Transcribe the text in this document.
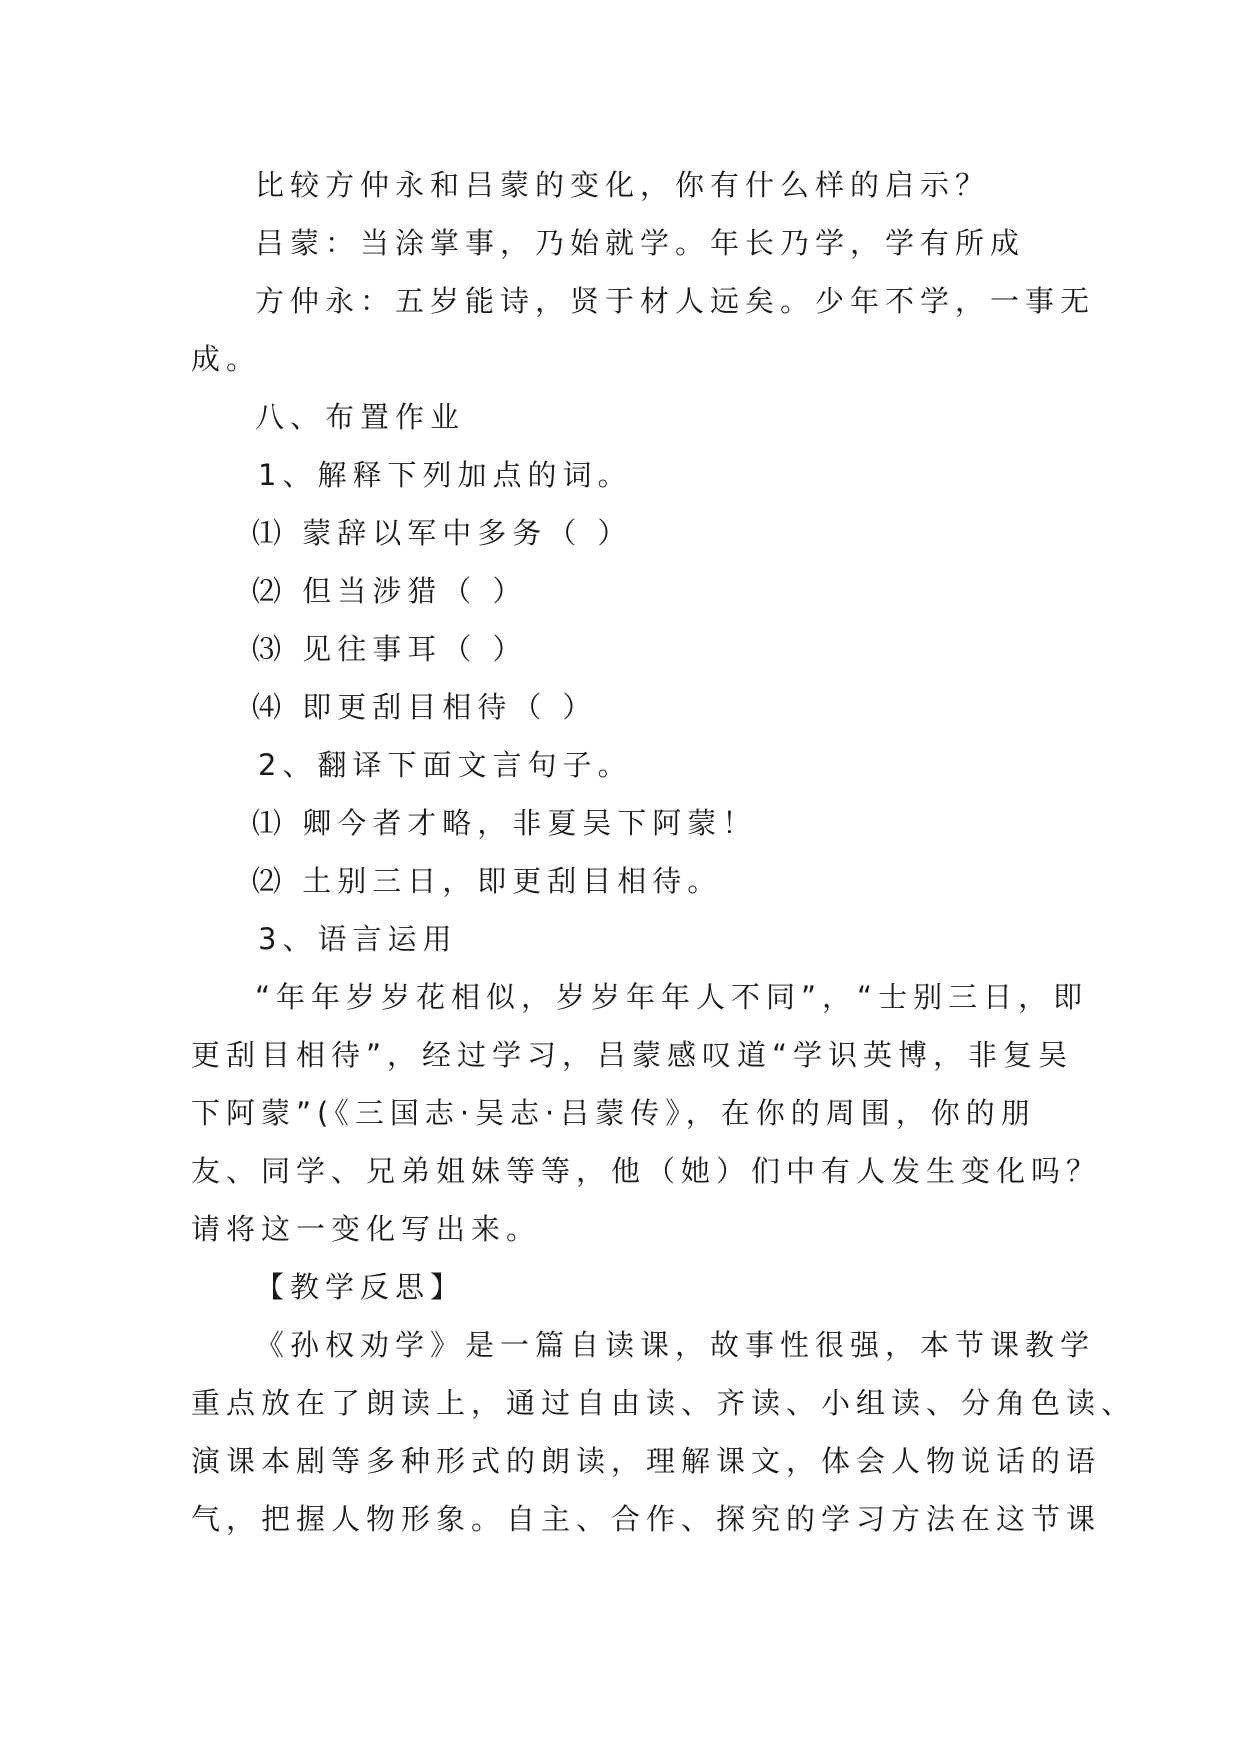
比较方仲永和吕蒙的变化，你有什么样的启示？
吕蒙：当涂掌事，乃始就学。年长乃学，学有所成
方仲永：五岁能诗，贤于材人远矣。少年不学，一事无
成。
八、布置作业
1、解释下列加点的词。
⑴ 蒙辞以军中多务（ ）
⑵ 但当涉猎（ ）
⑶ 见往事耳（ ）
⑷ 即更刮目相待（ ）
2、翻译下面文言句子。
⑴ 卿今者才略，非夏吴下阿蒙！
⑵ 土别三日，即更刮目相待。
3、语言运用
“年年岁岁花相似，岁岁年年人不同”，“士别三日，即
更刮目相待”，经过学习，吕蒙感叹道“学识英博，非复吴
下阿蒙”(《三国志·吴志·吕蒙传》，在你的周围，你的朋
友、同学、兄弟姐妹等等，他（她）们中有人发生变化吗？
请将这一变化写出来。
【教学反思】
《孙权劝学》是一篇自读课，故事性很强，本节课教学
重点放在了朗读上，通过自由读、齐读、小组读、分角色读、
演课本剧等多种形式的朗读，理解课文，体会人物说话的语
气，把握人物形象。自主、合作、探究的学习方法在这节课
